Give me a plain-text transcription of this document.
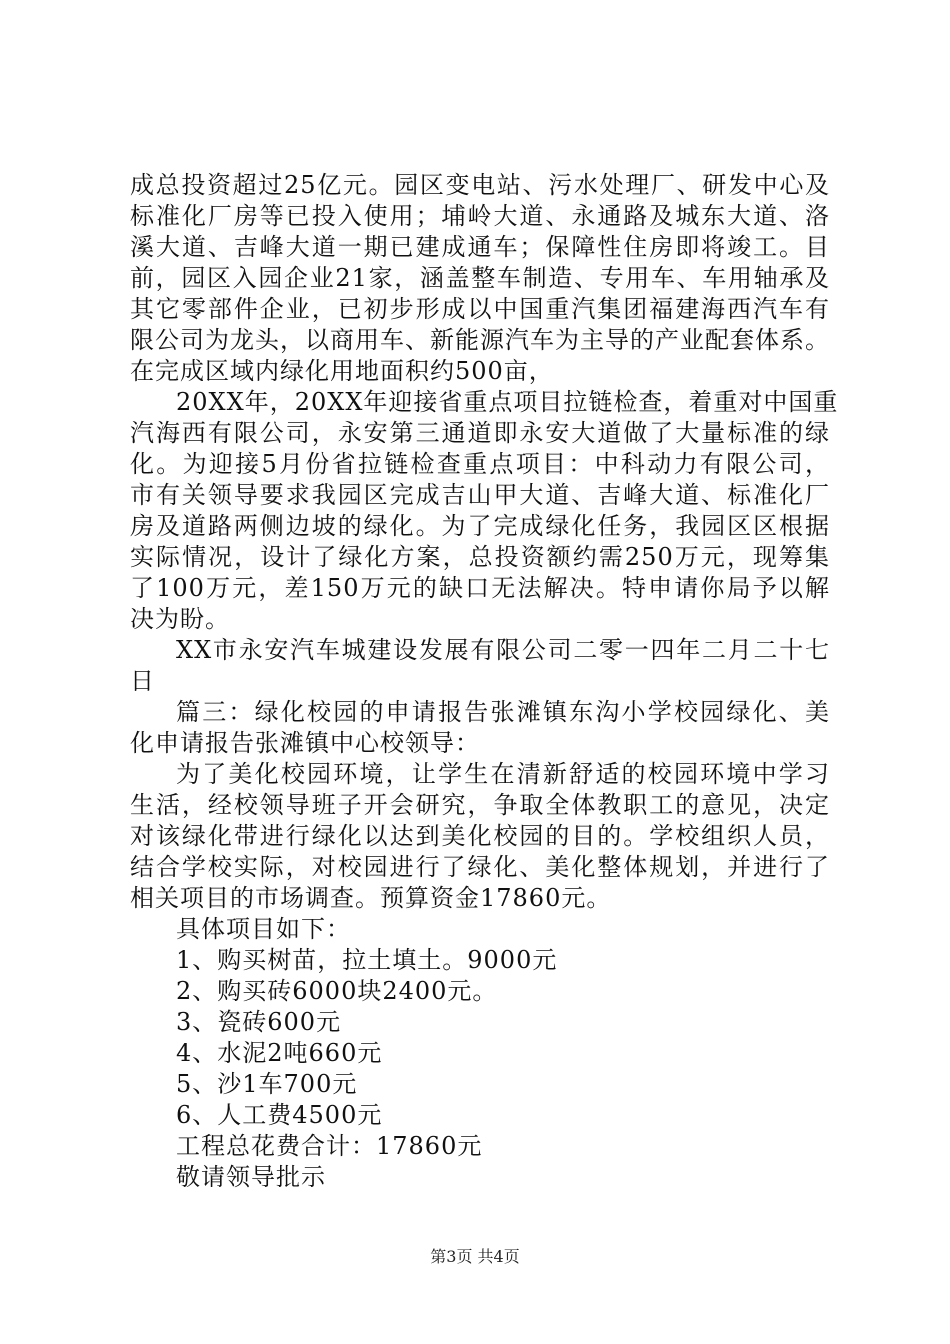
成总投资超过25亿元。园区变电站、污水处理厂、研发中心及
标准化厂房等已投入使用；埔岭大道、永通路及城东大道、洛
溪大道、吉峰大道一期已建成通车；保障性住房即将竣工。目
前，园区入园企业21家，涵盖整车制造、专用车、车用轴承及
其它零部件企业，已初步形成以中国重汽集团福建海西汽车有
限公司为龙头，以商用车、新能源汽车为主导的产业配套体系。
在完成区域内绿化用地面积约500亩，
20XX年，20XX年迎接省重点项目拉链检查，着重对中国重
汽海西有限公司，永安第三通道即永安大道做了大量标准的绿
化。为迎接5月份省拉链检查重点项目：中科动力有限公司，
市有关领导要求我园区完成吉山甲大道、吉峰大道、标准化厂
房及道路两侧边坡的绿化。为了完成绿化任务，我园区区根据
实际情况，设计了绿化方案，总投资额约需250万元，现筹集
了100万元，差150万元的缺口无法解决。特申请你局予以解
决为盼。
XX市永安汽车城建设发展有限公司二零一四年二月二十七
日
篇三：绿化校园的申请报告张滩镇东沟小学校园绿化、美
化申请报告张滩镇中心校领导：
为了美化校园环境，让学生在清新舒适的校园环境中学习
生活，经校领导班子开会研究，争取全体教职工的意见，决定
对该绿化带进行绿化以达到美化校园的目的。学校组织人员，
结合学校实际，对校园进行了绿化、美化整体规划，并进行了
相关项目的市场调查。预算资金17860元。
具体项目如下：
1、购买树苗，拉土填土。9000元
2、购买砖6000块2400元。
3、瓷砖600元
4、水泥2吨660元
5、沙1车700元
6、人工费4500元
工程总花费合计：17860元
敬请领导批示
第3页 共4页
